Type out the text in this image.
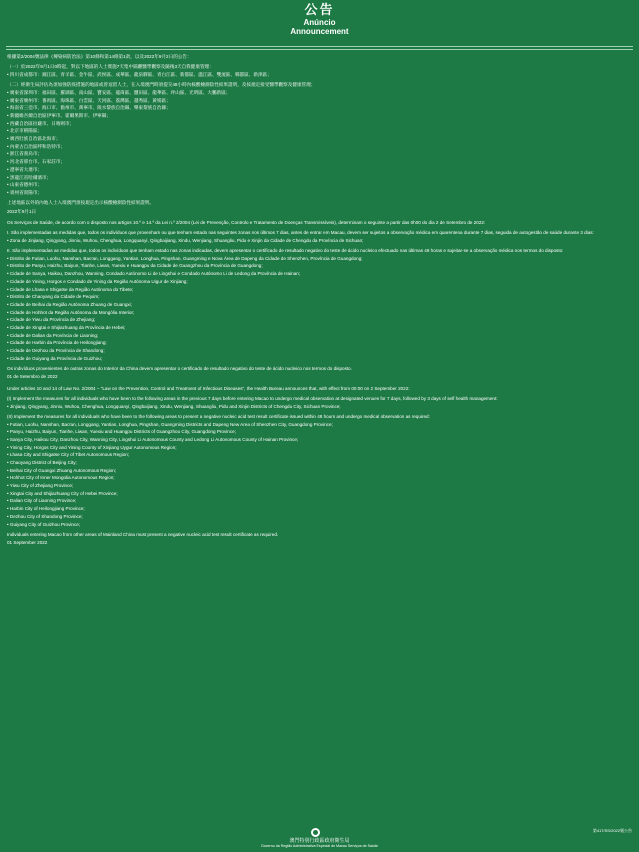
公告
Anúncio
Announcement

根據第2/2004號法律《傳染病防治法》第10條和第14條第1款，以及2022年9月2日的公告：

（一）於2022年9月1日0時起，對以下地區的人士實施7天集中隔離醫學觀察及隨後3天自我健康管理：

• 四川省成都市：錦江區、青羊區、金牛區、武侯區、成華區、龍泉驛區、青白江區、新都區、溫江區、雙流區、郫都區、新津區；

（二）經衛生局評估為須加強防疫措施的地區或曾逗留人士，在入境澳門時須提交48小時內核酸檢測陰性結果證明，及按規定接受醫學觀察及健康管理；

• 廣東省深圳市：福田區、羅湖區、南山區、寶安區、龍崗區、鹽田區、龍華區、坪山區、光明區、大鵬新區；

• 廣東省廣州市：番禺區、海珠區、白雲區、天河區、荔灣區、越秀區、黃埔區；

• 海南省三亞市、海口市、儋州市、萬寧市、陵水黎族自治縣、樂東黎族自治縣；

• 新疆維吾爾自治區伊寧市、霍爾果斯市、伊寧縣；

• 西藏自治區拉薩市、日喀則市；

• 北京市朝陽區；

• 廣西壯族自治區北海市；

• 內蒙古自治區呼和浩特市；

• 浙江省義烏市；

• 河北省邢台市、石家莊市；

• 遼寧省大連市；

• 黑龍江省哈爾濱市；

• 山東省德州市；

• 貴州省貴陽市；

上述地區以外的內地人士入境澳門須按規定出示核酸檢測陰性結果證明。

2022年9月1日

Os Serviços de Saúde, de acordo com o disposto nos artigos 10.º e 14.º da Lei n.º 2/2004 (Lei de Prevenção, Controlo e Tratamento de Doenças Transmissíveis), determinam o seguinte a partir das 0h00 do dia 2 de Setembro de 2022:

I. São implementadas as medidas que, todos os indivíduos que provenham ou que tenham estado nas seguintes zonas nos últimos 7 dias, antes de entrar em Macau, devem ser sujeitos a observação médica em quarentena durante 7 dias, seguida de autogestão de saúde durante 3 dias:

• Zona de Jinjiang, Qingyang, Jinniu, Wuhou, Chenghua, Longquanyi, Qingbaijiang, Xindu, Wenjiang, Shuangliu, Pidu e Xinjin da Cidade de Chengdu da Província de Sichuan;

II. São implementadas as medidas que, todos os indivíduos que tenham estado nas zonas indicadas, devem apresentar o certificado de resultado negativo do teste de ácido nucleico efectuado nas últimas 48 horas e sujeitar-se a observação médica nos termos do disposto:

• Distrito de Futian, Luohu, Nanshan, Bao'an, Longgang, Yantian, Longhua, Pingshan, Guangming e Nova Área de Dapeng da Cidade de Shenzhen, Província de Guangdong;

• Distrito de Panyu, Haizhu, Baiyun, Tianhe, Liwan, Yuexiu e Huangpu da Cidade de Guangzhou da Província de Guangdong;

• Cidade de Sanya, Haikou, Danzhou, Wanning, Condado Autónomo Li de Lingshui e Condado Autónomo Li de Ledong da Província de Hainan;

• Cidade de Yining, Horgos e Condado de Yining da Região Autónoma Uigur de Xinjiang;

• Cidade de Lhasa e Shigatse da Região Autónoma do Tibete;

• Distrito de Chaoyang da Cidade de Pequim;

• Cidade de Beihai da Região Autónoma Zhuang de Guangxi;

• Cidade de Hohhot da Região Autónoma da Mongólia Interior;

• Cidade de Yiwu da Província de Zhejiang;

• Cidade de Xingtai e Shijiazhuang da Província de Hebei;

• Cidade de Dalian da Província de Liaoning;

• Cidade de Harbin da Província de Heilongjiang;

• Cidade de Dezhou da Província de Shandong;

• Cidade de Guiyang da Província de Guizhou;

Os indivíduos provenientes de outras zonas do Interior da China devem apresentar o certificado de resultado negativo do teste de ácido nucleico nos termos do disposto.

01 de Setembro de 2022

Under articles 10 and 14 of Law No. 2/2004 – "Law on the Prevention, Control and Treatment of Infectious Diseases", the Health Bureau announces that, with effect from 00:00 on 2 September 2022:

(I) Implement the measures for all individuals who have been to the following areas in the previous 7 days before entering Macao to undergo medical observation at designated venues for 7 days, followed by 3 days of self health management:

• Jinjiang, Qingyang, Jinniu, Wuhou, Chenghua, Longquanyi, Qingbaijiang, Xindu, Wenjiang, Shuangliu, Pidu and Xinjin Districts of Chengdu City, Sichuan Province;

(II) Implement the measures for all individuals who have been to the following areas to present a negative nucleic acid test result certificate issued within 48 hours and undergo medical observation as required:

• Futian, Luohu, Nanshan, Bao'an, Longgang, Yantian, Longhua, Pingshan, Guangming Districts and Dapeng New Area of Shenzhen City, Guangdong Province;

• Panyu, Haizhu, Baiyun, Tianhe, Liwan, Yuexiu and Huangpu Districts of Guangzhou City, Guangdong Province;

• Sanya City, Haikou City, Danzhou City, Wanning City, Lingshui Li Autonomous County and Ledong Li Autonomous County of Hainan Province;

• Yining City, Horgos City and Yining County of Xinjiang Uygur Autonomous Region;

• Lhasa City and Shigatse City of Tibet Autonomous Region;

• Chaoyang District of Beijing City;

• Beihai City of Guangxi Zhuang Autonomous Region;

• Hohhot City of Inner Mongolia Autonomous Region;

• Yiwu City of Zhejiang Province;

• Xingtai City and Shijiazhuang City of Hebei Province;

• Dalian City of Liaoning Province;

• Harbin City of Heilongjiang Province;

• Dezhou City of Shandong Province;

• Guiyang City of Guizhou Province;

Individuals entering Macao from other areas of Mainland China must present a negative nucleic acid test result certificate as required.

01 September 2022

澳門特別行政區政府衛生局
Governo da Região Administrativa Especial de Macau Serviços de Saúde
第417/SS/2022號公告
